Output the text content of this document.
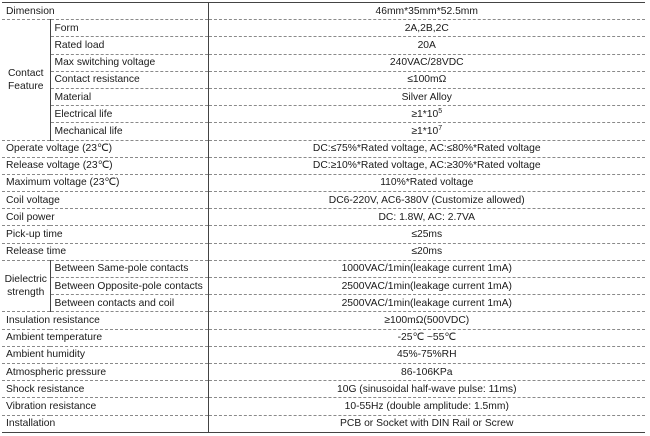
Dimension		46mm*35mm*52.5mm
Contact
Feature	Form	2A,2B,2C
	Rated load	20A
	Max switching voltage	240VAC/28VDC
	Contact resistance	≤100mΩ
	Material	Silver Alloy
	Electrical life	$\ge 1*10^5$
	Mechanical life	$\ge 1*10^7$
Operate voltage (23℃)		DC:≤75%*Rated voltage, AC:≤80%*Rated voltage
Release voltage (23℃)		DC:≥10%*Rated voltage, AC:≥30%*Rated voltage
Maximum voltage (23℃)		110%*Rated voltage
Coil voltage		DC6-220V, AC6-380V (Customize allowed)
Coil power		DC: 1.8W, AC: 2.7VA
Pick-up time		≤25ms
Release time		≤20ms
Dielectric
strength	Between Same-pole contacts	1000VAC/1min(leakage current 1mA)
	Between Opposite-pole contacts	2500VAC/1min(leakage current 1mA)
	Between contacts and coil	2500VAC/1min(leakage current 1mA)
Insulation resistance		≥100mΩ(500VDC)
Ambient temperature		-25℃ ~55℃
Ambient humidity		45%-75%RH
Atmospheric pressure		86-106KPa
Shock resistance		10G (sinusoidal half-wave pulse: 11ms)
Vibration resistance		10-55Hz (double amplitude: 1.5mm)
Installation		PCB or Socket with DIN Rail or Screw
